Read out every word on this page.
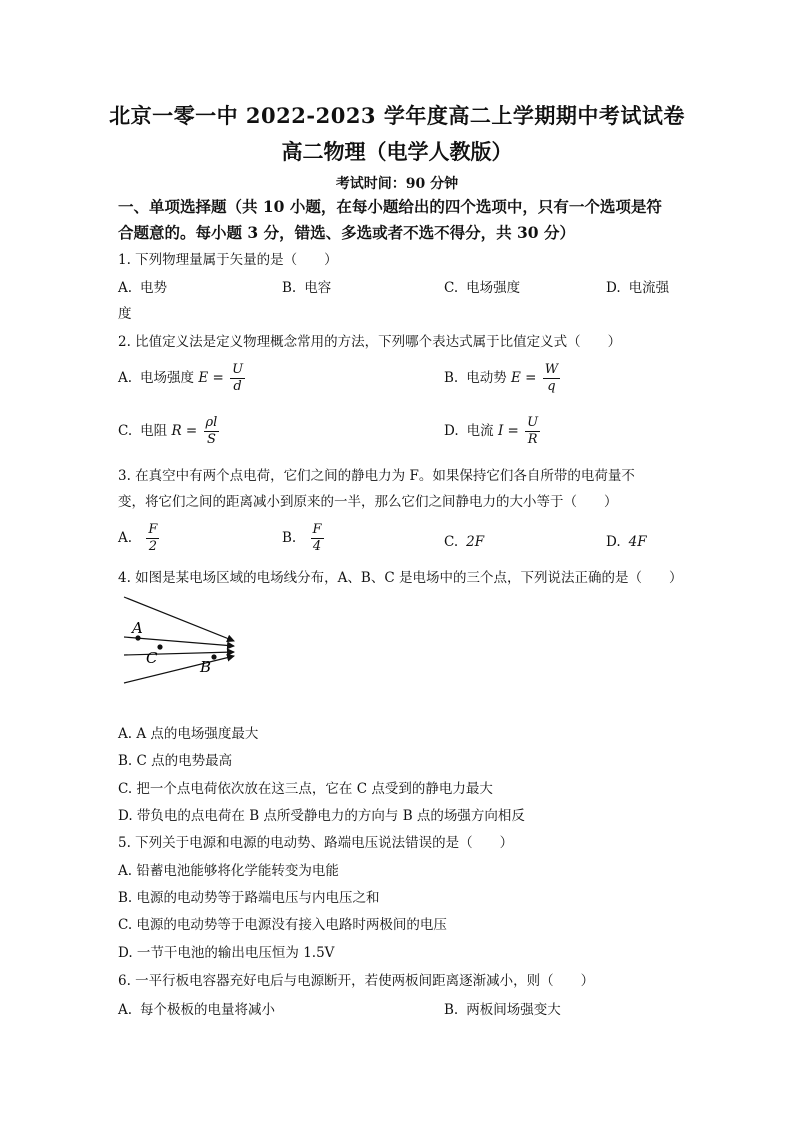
北京一零一中 2022-2023 学年度高二上学期期中考试试卷
高二物理（电学人教版）
考试时间：90 分钟
一、单项选择题（共 10 小题，在每小题给出的四个选项中，只有一个选项是符
合题意的。每小题 3 分，错选、多选或者不选不得分，共 30 分）
1. 下列物理量属于矢量的是（　　）
A. 电势	B. 电容	C. 电场强度	D. 电流强
度
2. 比值定义法是定义物理概念常用的方法，下列哪个表达式属于比值定义式（　　）
A. 电场强度 $E = \frac{U}{d}$	B. 电动势 $E = \frac{W}{q}$
C. 电阻 $R = \frac{\rho l}{S}$	D. 电流 $I = \frac{U}{R}$
3. 在真空中有两个点电荷，它们之间的静电力为 F。如果保持它们各自所带的电荷量不
变，将它们之间的距离减小到原来的一半，那么它们之间静电力的大小等于（　　）
A. $\frac{F}{2}$	B. $\frac{F}{4}$	C. 2F	D. 4F
4. 如图是某电场区域的电场线分布，A、B、C 是电场中的三个点，下列说法正确的是（　　）
A
C	B
A. A 点的电场强度最大
B. C 点的电势最高
C. 把一个点电荷依次放在这三点，它在 C 点受到的静电力最大
D. 带负电的点电荷在 B 点所受静电力的方向与 B 点的场强方向相反
5. 下列关于电源和电源的电动势、路端电压说法错误的是（　　）
A. 铅蓄电池能够将化学能转变为电能
B. 电源的电动势等于路端电压与内电压之和
C. 电源的电动势等于电源没有接入电路时两极间的电压
D. 一节干电池的输出电压恒为 1.5V
6. 一平行板电容器充好电后与电源断开，若使两板间距离逐渐减小，则（　　）
A. 每个极板的电量将减小	B. 两板间场强变大
